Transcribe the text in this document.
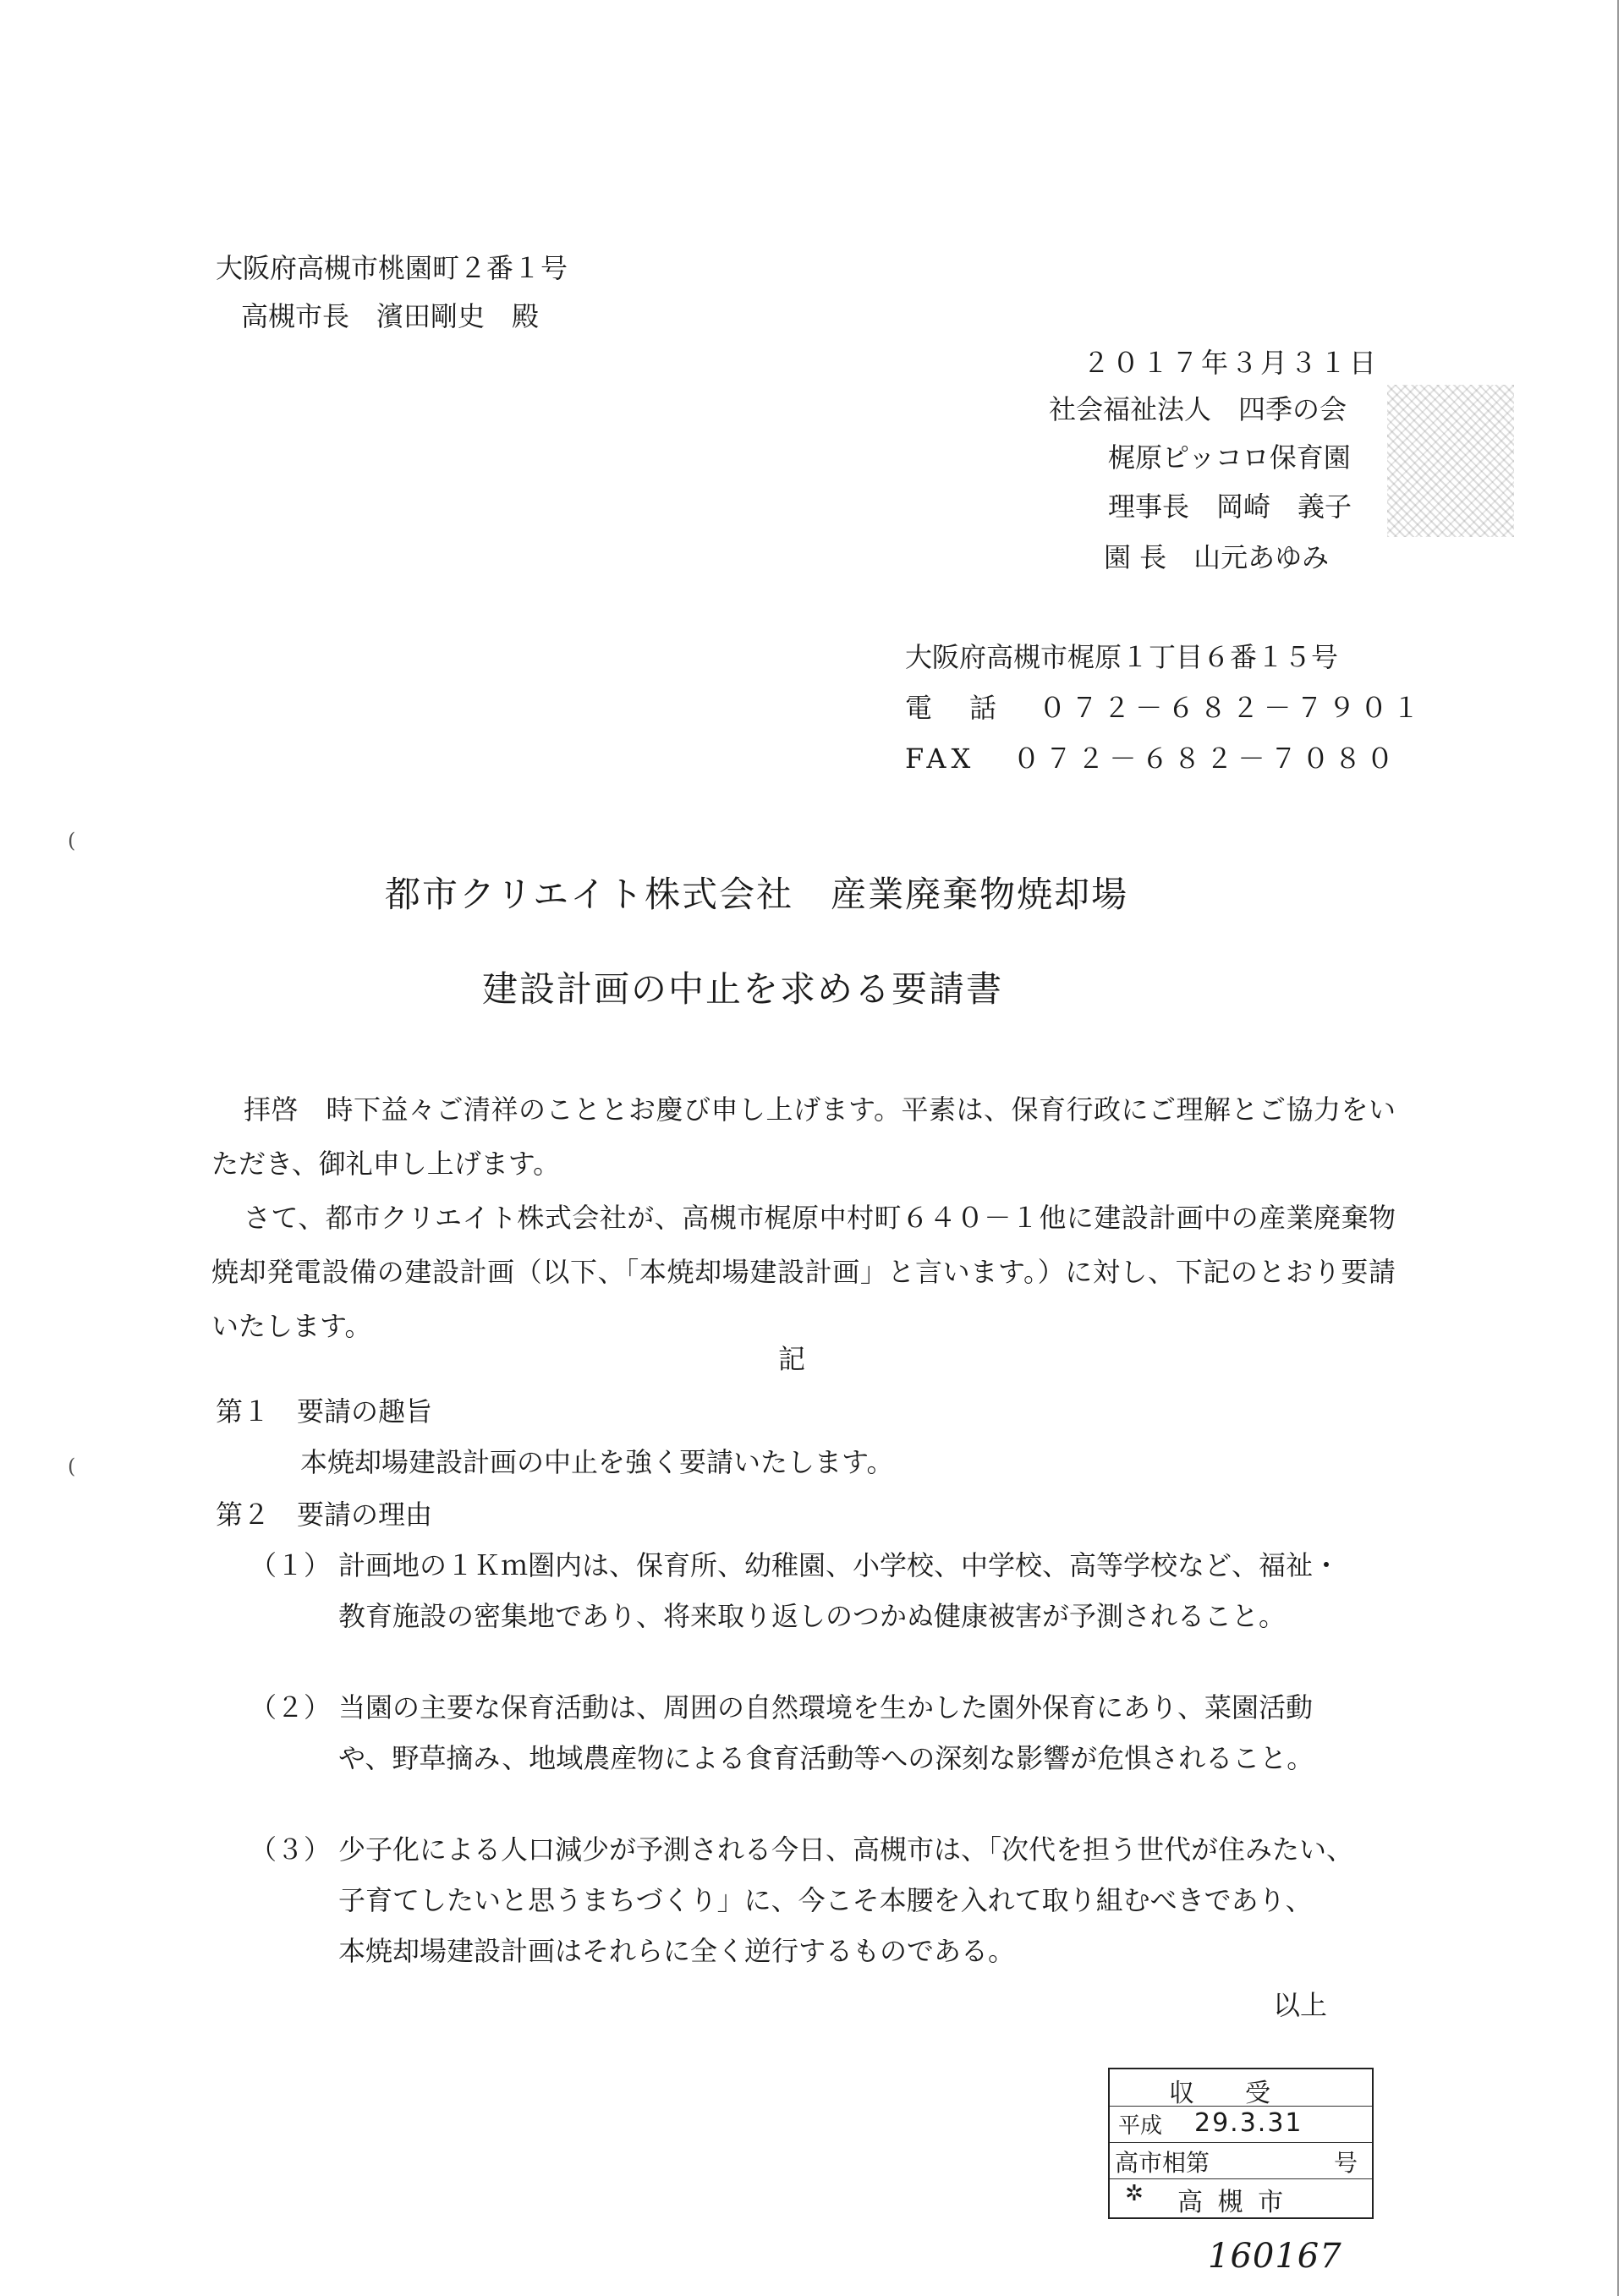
大阪府高槻市桃園町２番１号
高槻市長　濱田剛史　殿
２０１７年３月３１日
社会福祉法人　四季の会
梶原ピッコロ保育園
理事長　岡崎　義子
園 長　山元あゆみ
大阪府高槻市梶原１丁目６番１５号
電　話 ０７２－６８２－７９０１
FAX ０７２－６８２－７０８０
都市クリエイト株式会社　産業廃棄物焼却場
建設計画の中止を求める要請書
拝啓　時下益々ご清祥のこととお慶び申し上げます。平素は、保育行政にご理解とご協力をいただき、御礼申し上げます。
さて、都市クリエイト株式会社が、高槻市梶原中村町６４０－１他に建設計画中の産業廃棄物焼却発電設備の建設計画（以下、「本焼却場建設計画」と言います。）に対し、下記のとおり要請いたします。
記
第１　要請の趣旨
本焼却場建設計画の中止を強く要請いたします。
第２　要請の理由
（１） 計画地の１Ｋｍ圏内は、保育所、幼稚園、小学校、中学校、高等学校など、福祉・
教育施設の密集地であり、将来取り返しのつかぬ健康被害が予測されること。
（２） 当園の主要な保育活動は、周囲の自然環境を生かした園外保育にあり、菜園活動
や、野草摘み、地域農産物による食育活動等への深刻な影響が危惧されること。
（３） 少子化による人口減少が予測される今日、高槻市は、「次代を担う世代が住みたい、
子育てしたいと思うまちづくり」に、今こそ本腰を入れて取り組むべきであり、
本焼却場建設計画はそれらに全く逆行するものである。
以上
収　　受
平成 29.3.31
高市相第	号
✲ 高 槻 市
160167
(
(
